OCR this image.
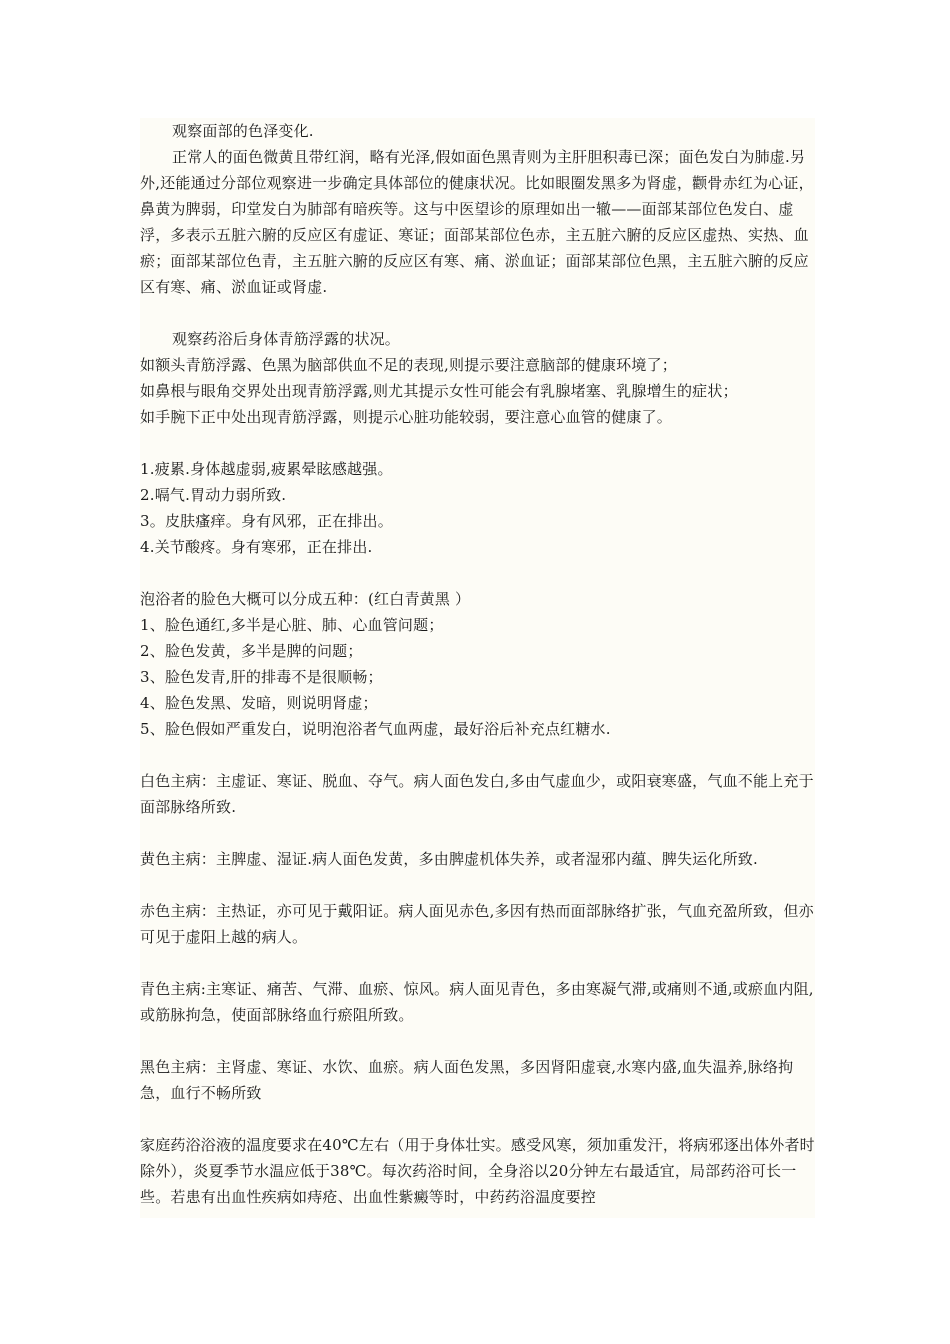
观察面部的色泽变化.

正常人的面色微黄且带红润，略有光泽,假如面色黑青则为主肝胆积毒已深；面色发白为肺虚.另外,还能通过分部位观察进一步确定具体部位的健康状况。比如眼圈发黑多为肾虚，颧骨赤红为心证，鼻黄为脾弱，印堂发白为肺部有暗疾等。这与中医望诊的原理如出一辙——面部某部位色发白、虚浮，多表示五脏六腑的反应区有虚证、寒证；面部某部位色赤，主五脏六腑的反应区虚热、实热、血瘀；面部某部位色青，主五脏六腑的反应区有寒、痛、淤血证；面部某部位色黑，主五脏六腑的反应区有寒、痛、淤血证或肾虚.

观察药浴后身体青筋浮露的状况。

如额头青筋浮露、色黑为脑部供血不足的表现,则提示要注意脑部的健康环境了；

如鼻根与眼角交界处出现青筋浮露,则尤其提示女性可能会有乳腺堵塞、乳腺增生的症状；

如手腕下正中处出现青筋浮露，则提示心脏功能较弱，要注意心血管的健康了。

1.疲累.身体越虚弱,疲累晕眩感越强。

2.嗝气.胃动力弱所致.

3。皮肤瘙痒。身有风邪，正在排出。

4.关节酸疼。身有寒邪，正在排出.

泡浴者的脸色大概可以分成五种：(红白青黄黑 ）

1、脸色通红,多半是心脏、肺、心血管问题；

2、脸色发黄，多半是脾的问题；

3、脸色发青,肝的排毒不是很顺畅；

4、脸色发黑、发暗，则说明肾虚；

5、脸色假如严重发白，说明泡浴者气血两虚，最好浴后补充点红糖水.

白色主病：主虚证、寒证、脱血、夺气。病人面色发白,多由气虚血少，或阳衰寒盛，气血不能上充于面部脉络所致.

黄色主病：主脾虚、湿证.病人面色发黄，多由脾虚机体失养，或者湿邪内蕴、脾失运化所致.

赤色主病：主热证，亦可见于戴阳证。病人面见赤色,多因有热而面部脉络扩张，气血充盈所致，但亦可见于虚阳上越的病人。

青色主病:主寒证、痛苦、气滞、血瘀、惊风。病人面见青色，多由寒凝气滞,或痛则不通,或瘀血内阻,或筋脉拘急，使面部脉络血行瘀阻所致。

黑色主病：主肾虚、寒证、水饮、血瘀。病人面色发黑，多因肾阳虚衰,水寒内盛,血失温养,脉络拘急，血行不畅所致

家庭药浴浴液的温度要求在40℃左右（用于身体壮实。感受风寒，须加重发汗，将病邪逐出体外者时除外），炎夏季节水温应低于38℃。每次药浴时间，全身浴以20分钟左右最适宜，局部药浴可长一些。若患有出血性疾病如痔疮、出血性紫癜等时，中药药浴温度要控
